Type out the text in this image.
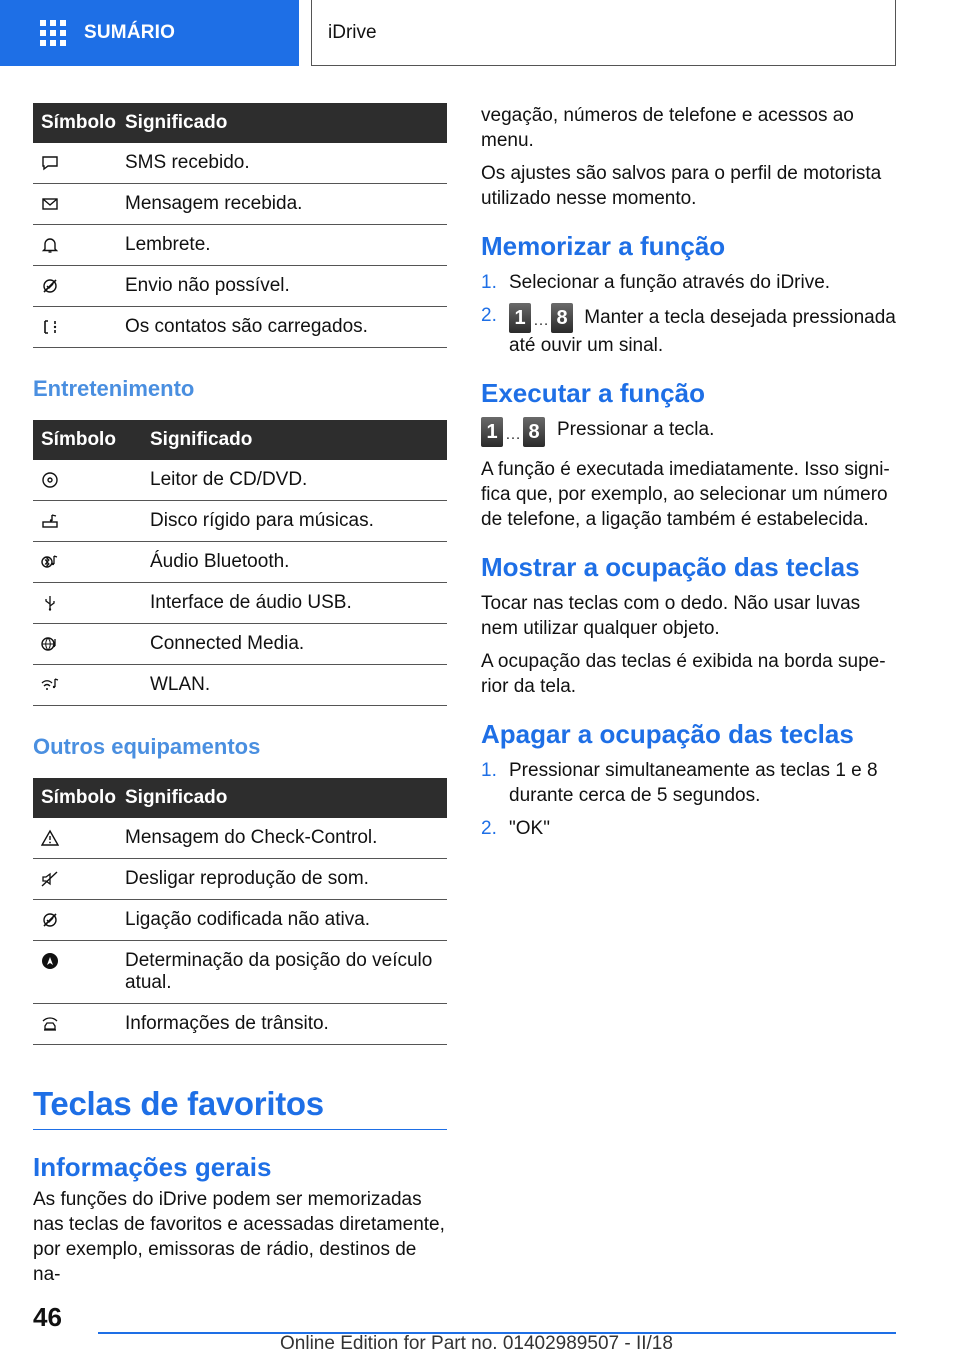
SUMÁRIO	iDrive
Símbolo	Significado

	SMS recebido.

	Mensagem recebida.

	Lembrete.

	Envio não possível.

	Os contatos são carregados.
Entretenimento
Símbolo	Significado

	Leitor de CD/DVD.

	Disco rígido para músicas.

	Áudio Bluetooth.

	Interface de áudio USB.

	Connected Media.

	WLAN.
Outros equipamentos
Símbolo	Significado

	Mensagem do Check-Control.

	Desligar reprodução de som.

	Ligação codificada não ativa.

	Determinação da posição do veículo atual.

	Informações de trânsito.
Teclas de favoritos
Informações gerais
As funções do iDrive podem ser memorizadas nas teclas de favoritos e acessadas diretamente, por exemplo, emissoras de rádio, destinos de na-
vegação, números de telefone e acessos ao menu.
Os ajustes são salvos para o perfil de motorista utilizado nesse momento.
Memorizar a função
1. Selecionar a função através do iDrive.
2. 1 … 8 Manter a tecla desejada pressionada até ouvir um sinal.
Executar a função
1 … 8 Pressionar a tecla.
A função é executada imediatamente. Isso signi- fica que, por exemplo, ao selecionar um número de telefone, a ligação também é estabelecida.
Mostrar a ocupação das teclas
Tocar nas teclas com o dedo. Não usar luvas nem utilizar qualquer objeto.
A ocupação das teclas é exibida na borda supe- rior da tela.
Apagar a ocupação das teclas
1. Pressionar simultaneamente as teclas 1 e 8 durante cerca de 5 segundos.
2. "OK"
46
Online Edition for Part no. 01402989507 - II/18
